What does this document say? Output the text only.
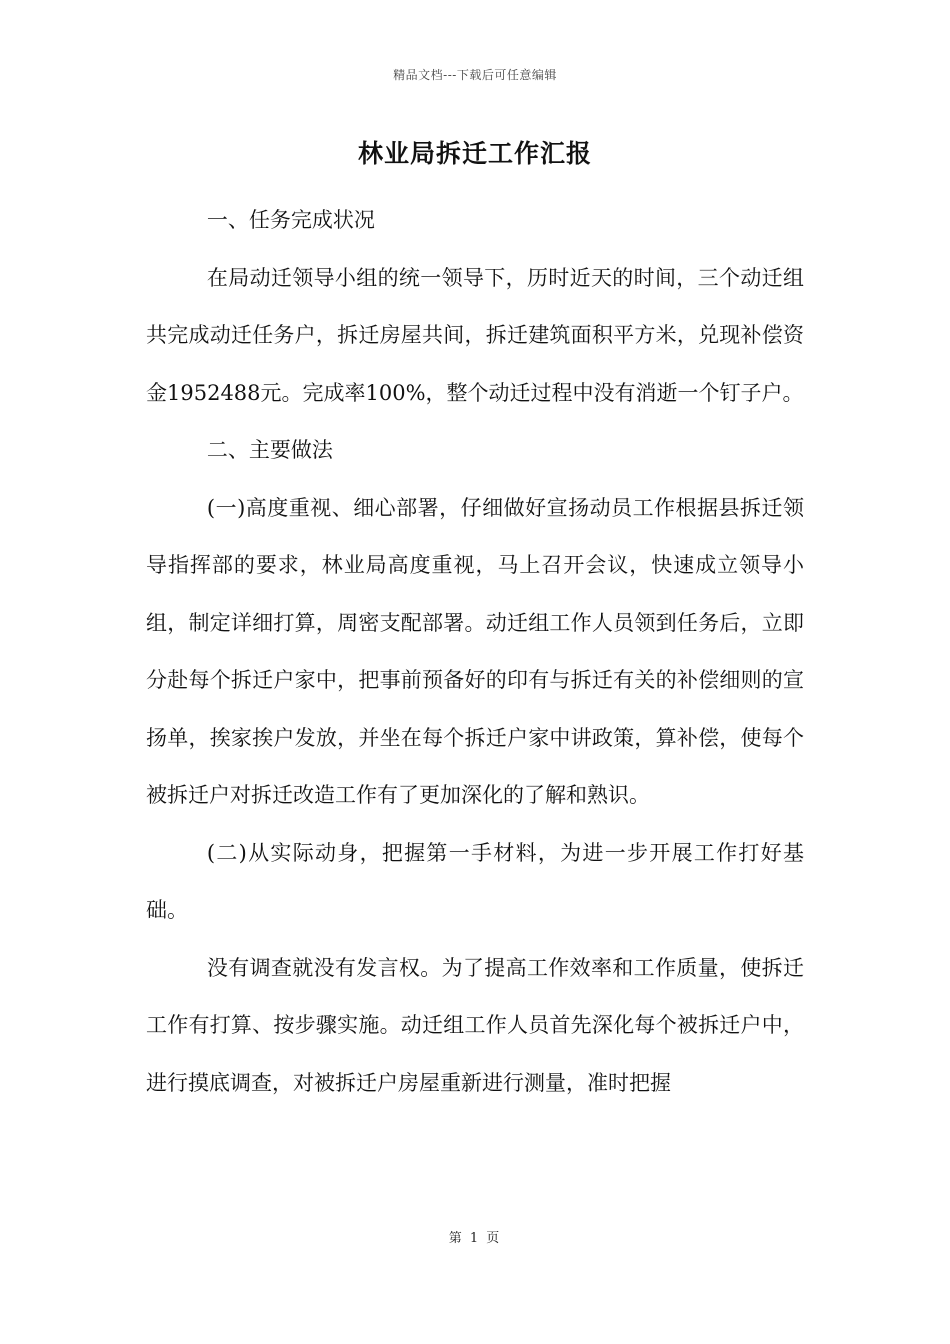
精品文档---下载后可任意编辑
林业局拆迁工作汇报

一、任务完成状况

在局动迁领导小组的统一领导下，历时近天的时间，三个动迁组共完成动迁任务户，拆迁房屋共间，拆迁建筑面积平方米，兑现补偿资金1952488元。完成率100%，整个动迁过程中没有消逝一个钉子户。

二、主要做法

(一)高度重视、细心部署，仔细做好宣扬动员工作根据县拆迁领导指挥部的要求，林业局高度重视，马上召开会议，快速成立领导小组，制定详细打算，周密支配部署。动迁组工作人员领到任务后，立即分赴每个拆迁户家中，把事前预备好的印有与拆迁有关的补偿细则的宣扬单，挨家挨户发放，并坐在每个拆迁户家中讲政策，算补偿，使每个被拆迁户对拆迁改造工作有了更加深化的了解和熟识。

(二)从实际动身，把握第一手材料，为进一步开展工作打好基础。

没有调查就没有发言权。为了提高工作效率和工作质量，使拆迁工作有打算、按步骤实施。动迁组工作人员首先深化每个被拆迁户中，进行摸底调查，对被拆迁户房屋重新进行测量，准时把握

第 1 页
